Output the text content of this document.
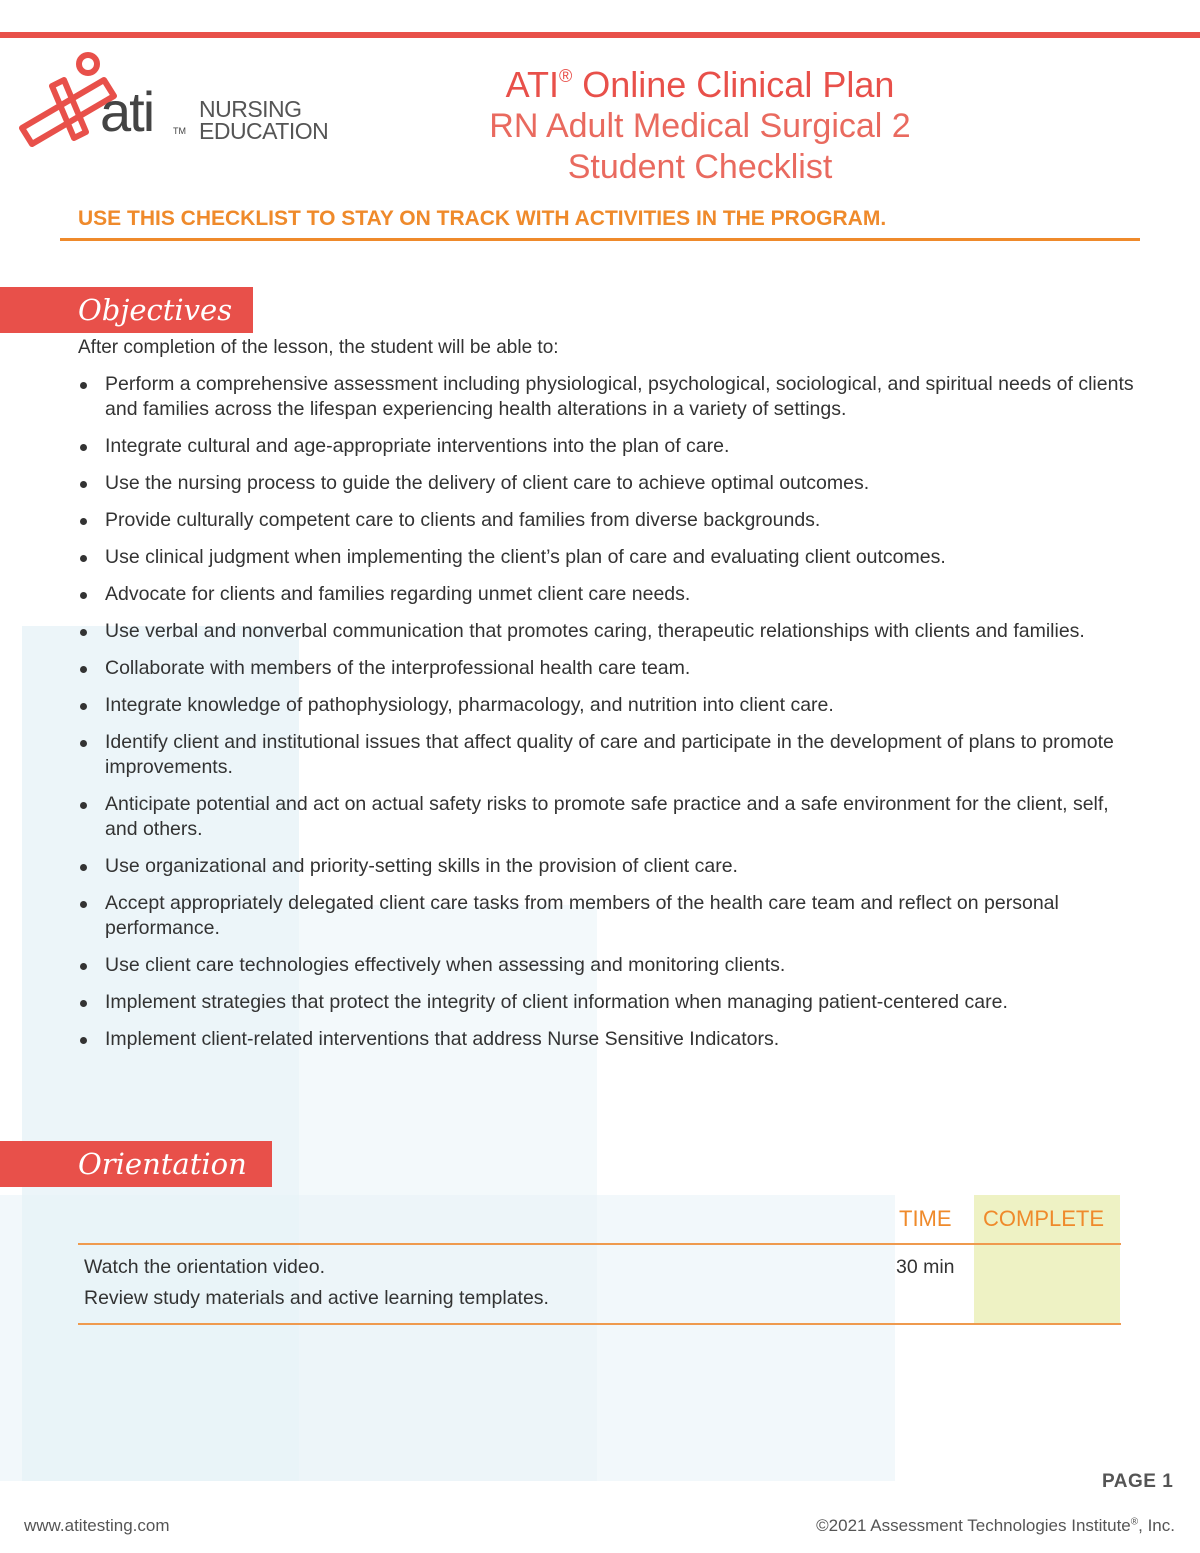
ati TM
NURSING
EDUCATION
ATI® Online Clinical Plan
RN Adult Medical Surgical 2
Student Checklist
USE THIS CHECKLIST TO STAY ON TRACK WITH ACTIVITIES IN THE PROGRAM.
Objectives
After completion of the lesson, the student will be able to:
Perform a comprehensive assessment including physiological, psychological, sociological, and spiritual needs of clients and families across the lifespan experiencing health alterations in a variety of settings.
Integrate cultural and age-appropriate interventions into the plan of care.
Use the nursing process to guide the delivery of client care to achieve optimal outcomes.
Provide culturally competent care to clients and families from diverse backgrounds.
Use clinical judgment when implementing the client’s plan of care and evaluating client outcomes.
Advocate for clients and families regarding unmet client care needs.
Use verbal and nonverbal communication that promotes caring, therapeutic relationships with clients and families.
Collaborate with members of the interprofessional health care team.
Integrate knowledge of pathophysiology, pharmacology, and nutrition into client care.
Identify client and institutional issues that affect quality of care and participate in the development of plans to promote improvements.
Anticipate potential and act on actual safety risks to promote safe practice and a safe environment for the client, self, and others.
Use organizational and priority-setting skills in the provision of client care.
Accept appropriately delegated client care tasks from members of the health care team and reflect on personal performance.
Use client care technologies effectively when assessing and monitoring clients.
Implement strategies that protect the integrity of client information when managing patient-centered care.
Implement client-related interventions that address Nurse Sensitive Indicators.
Orientation
TIME COMPLETE
Watch the orientation video.
Review study materials and active learning templates.
30 min
PAGE 1
www.atitesting.com	©2021 Assessment Technologies Institute®, Inc.
